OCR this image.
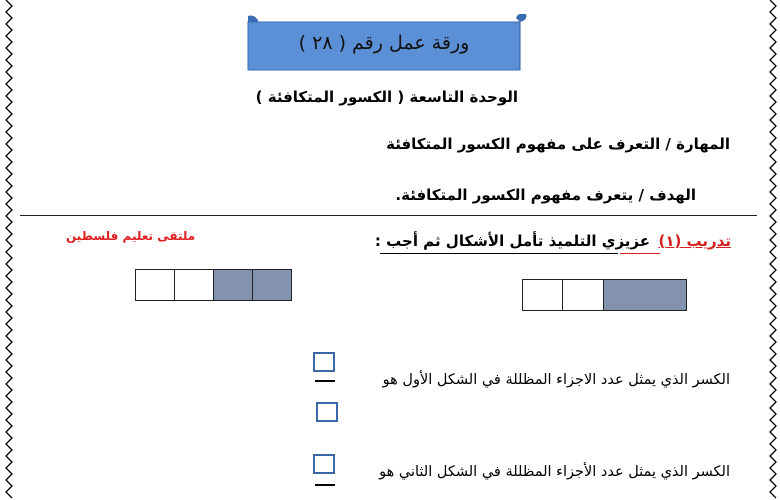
ورقة عمل رقم ( ٢٨ )
الوحدة التاسعة ( الكسور المتكافئة )
المهارة / التعرف على مفهوم الكسور المتكافئة
الهدف / يتعرف مفهوم الكسور المتكافئة.
تدريب (١)
عزيزي التلميذ تأمل الأشكال ثم أجب :
ملتقى تعليم فلسطين
الكسر الذي يمثل عدد الاجزاء المظللة في الشكل الأول هو
الكسر الذي يمثل عدد الأجزاء المظللة في الشكل الثاني هو
